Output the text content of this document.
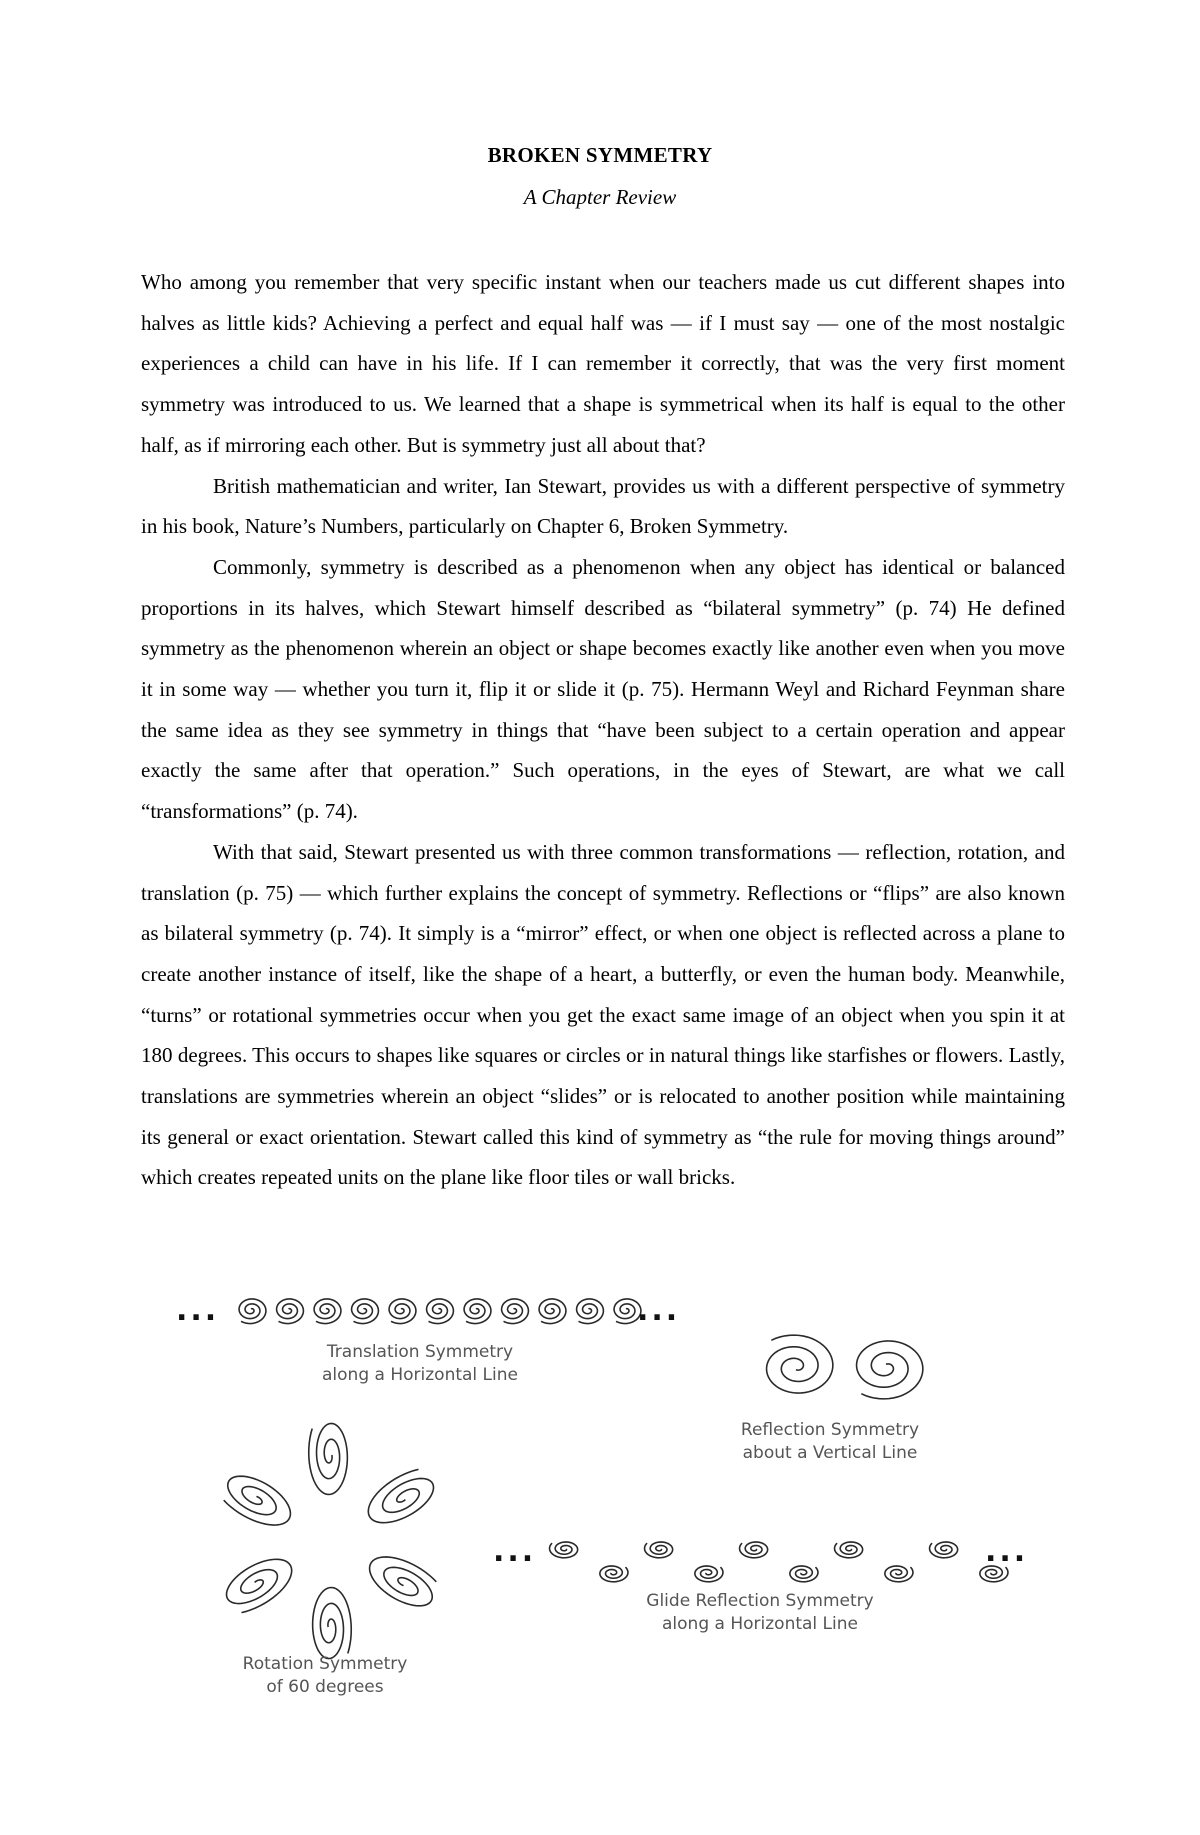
BROKEN SYMMETRY
A Chapter Review

Who among you remember that very specific instant when our teachers made us cut different shapes into halves as little kids? Achieving a perfect and equal half was — if I must say — one of the most nostalgic experiences a child can have in his life. If I can remember it correctly, that was the very first moment symmetry was introduced to us. We learned that a shape is symmetrical when its half is equal to the other half, as if mirroring each other. But is symmetry just all about that?

British mathematician and writer, Ian Stewart, provides us with a different perspective of symmetry in his book, Nature’s Numbers, particularly on Chapter 6, Broken Symmetry.

Commonly, symmetry is described as a phenomenon when any object has identical or balanced proportions in its halves, which Stewart himself described as “bilateral symmetry” (p. 74) He defined symmetry as the phenomenon wherein an object or shape becomes exactly like another even when you move it in some way — whether you turn it, flip it or slide it (p. 75). Hermann Weyl and Richard Feynman share the same idea as they see symmetry in things that “have been subject to a certain operation and appear exactly the same after that operation.” Such operations, in the eyes of Stewart, are what we call “transformations” (p. 74).

With that said, Stewart presented us with three common transformations — reflection, rotation, and translation (p. 75) — which further explains the concept of symmetry. Reflections or “flips” are also known as bilateral symmetry (p. 74). It simply is a “mirror” effect, or when one object is reflected across a plane to create another instance of itself, like the shape of a heart, a butterfly, or even the human body. Meanwhile, “turns” or rotational symmetries occur when you get the exact same image of an object when you spin it at 180 degrees. This occurs to shapes like squares or circles or in natural things like starfishes or flowers. Lastly, translations are symmetries wherein an object “slides” or is relocated to another position while maintaining its general or exact orientation. Stewart called this kind of symmetry as “the rule for moving things around” which creates repeated units on the plane like floor tiles or wall bricks.

...	...
...	...
Translation Symmetry
along a Horizontal Line
Reflection Symmetry
about a Vertical Line
Rotation Symmetry
of 60 degrees
Glide Reflection Symmetry
along a Horizontal Line
